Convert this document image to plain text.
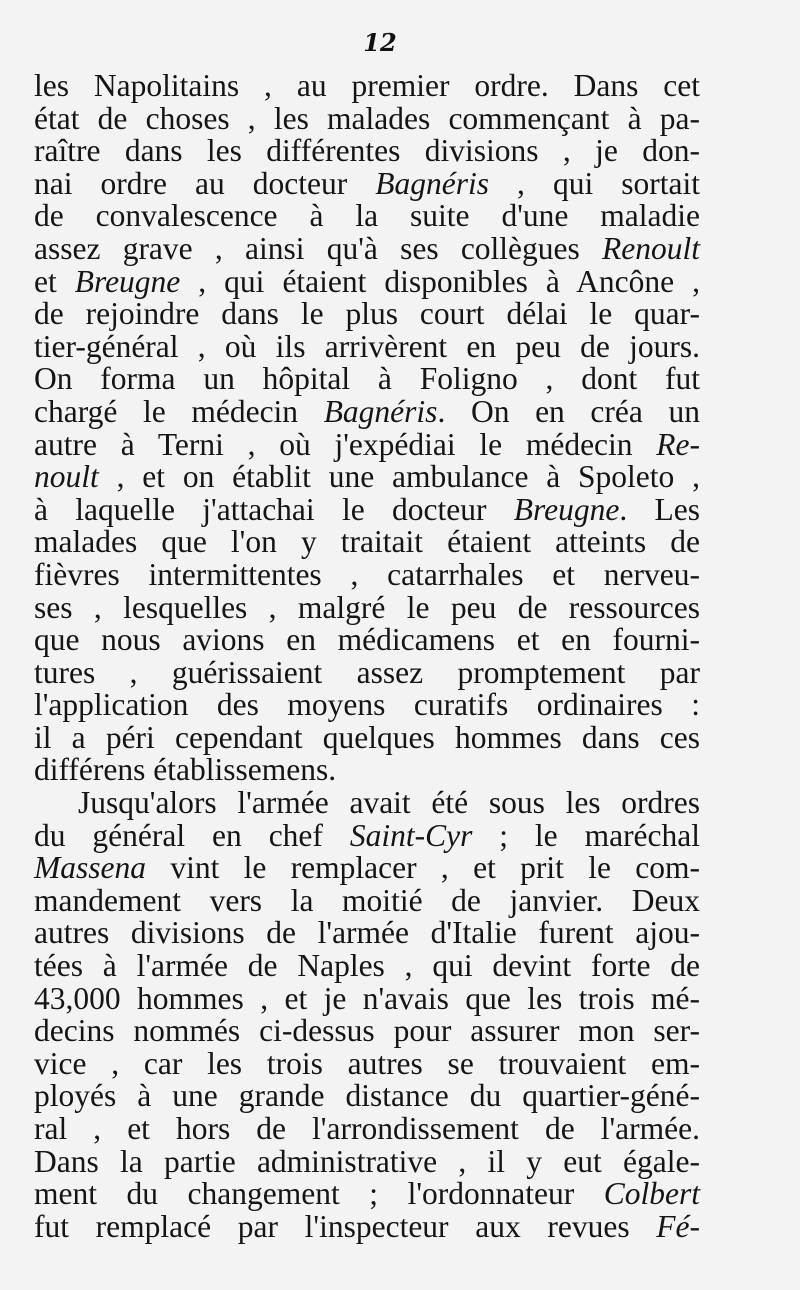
12
les Napolitains , au premier ordre. Dans cet
état de choses , les malades commençant à pa-
raître dans les différentes divisions , je don-
nai ordre au docteur Bagnéris , qui sortait
de convalescence à la suite d'une maladie
assez grave , ainsi qu'à ses collègues Renoult
et Breugne , qui étaient disponibles à Ancône ,
de rejoindre dans le plus court délai le quar-
tier-général , où ils arrivèrent en peu de jours.
On forma un hôpital à Foligno , dont fut
chargé le médecin Bagnéris. On en créa un
autre à Terni , où j'expédiai le médecin Re-
noult , et on établit une ambulance à Spoleto ,
à laquelle j'attachai le docteur Breugne. Les
malades que l'on y traitait étaient atteints de
fièvres intermittentes , catarrhales et nerveu-
ses , lesquelles , malgré le peu de ressources
que nous avions en médicamens et en fourni-
tures , guérissaient assez promptement par
l'application des moyens curatifs ordinaires :
il a péri cependant quelques hommes dans ces
différens établissemens.
Jusqu'alors l'armée avait été sous les ordres
du général en chef Saint-Cyr ; le maréchal
Massena vint le remplacer , et prit le com-
mandement vers la moitié de janvier. Deux
autres divisions de l'armée d'Italie furent ajou-
tées à l'armée de Naples , qui devint forte de
43,000 hommes , et je n'avais que les trois mé-
decins nommés ci-dessus pour assurer mon ser-
vice , car les trois autres se trouvaient em-
ployés à une grande distance du quartier-géné-
ral , et hors de l'arrondissement de l'armée.
Dans la partie administrative , il y eut égale-
ment du changement ; l'ordonnateur Colbert
fut remplacé par l'inspecteur aux revues Fé-
